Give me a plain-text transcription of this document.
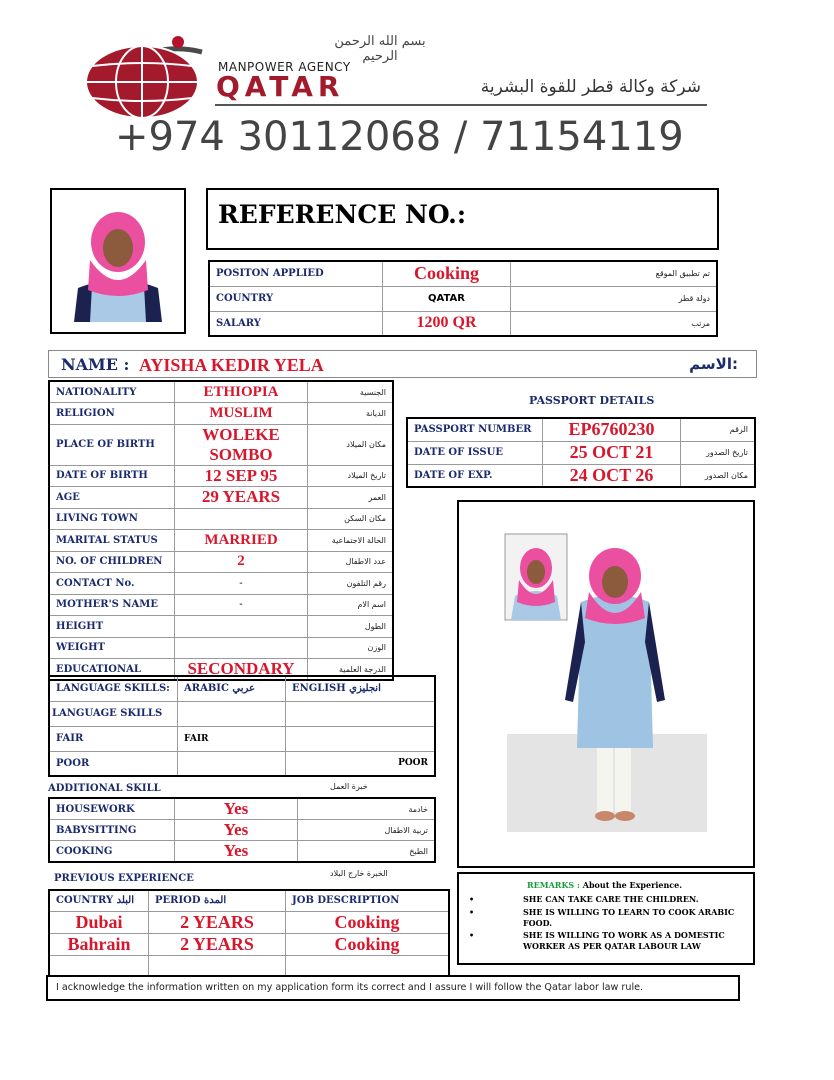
بسم الله الرحمن الرحيم
MANPOWER AGENCY
QATAR	شركة وكالة قطر للقوة البشرية
+974 30112068 / 71154119
REFERENCE NO.:
POSITON APPLIED	Cooking	تم تطبيق الموقع
COUNTRY	QATAR	دولة قطر
SALARY	1200 QR	مرتب
NAME : AYISHA KEDIR YELA	الاسم:
NATIONALITY	ETHIOPIA	الجنسية
RELIGION	MUSLIM	الديانة
PLACE OF BIRTH	WOLEKE SOMBO	مكان الميلاد
DATE OF BIRTH	12 SEP 95	تاريخ الميلاد
AGE	29 YEARS	العمر
LIVING TOWN		مكان السكن
MARITAL STATUS	MARRIED	الحالة الاجتماعية
NO. OF CHILDREN	2	عدد الاطفال
CONTACT No.	-	رقم التلفون
MOTHER'S NAME	-	اسم الام
HEIGHT		الطول
WEIGHT		الوزن
EDUCATIONAL	SECONDARY	الدرجة العلمية
PASSPORT DETAILS
PASSPORT NUMBER	EP6760230	الرقم
DATE OF ISSUE	25 OCT 21	تاريخ الصدور
DATE OF EXP.	24 OCT 26	مكان الصدور
LANGUAGE SKILLS:	ARABIC عربي	ENGLISH انجليزي
LANGUAGE SKILLS		
FAIR	FAIR	
POOR		POOR
ADDITIONAL SKILL	خبرة العمل
HOUSEWORK	Yes	خادمة
BABYSITTING	Yes	تربية الاطفال
COOKING	Yes	الطبخ
PREVIOUS EXPERIENCE	الخبرة خارج البلاد
COUNTRY البلد	PERIOD المدة	JOB DESCRIPTION
Dubai	2 YEARS	Cooking
Bahrain	2 YEARS	Cooking

REMARKS : About the Experience.
•	SHE CAN TAKE CARE THE CHILDREN.
•	SHE IS WILLING TO LEARN TO COOK ARABIC FOOD.
•	SHE IS WILLING TO WORK AS A DOMESTIC WORKER AS PER QATAR LABOUR LAW
I acknowledge the information written on my application form its correct and I assure I will follow the Qatar labor law rule.
